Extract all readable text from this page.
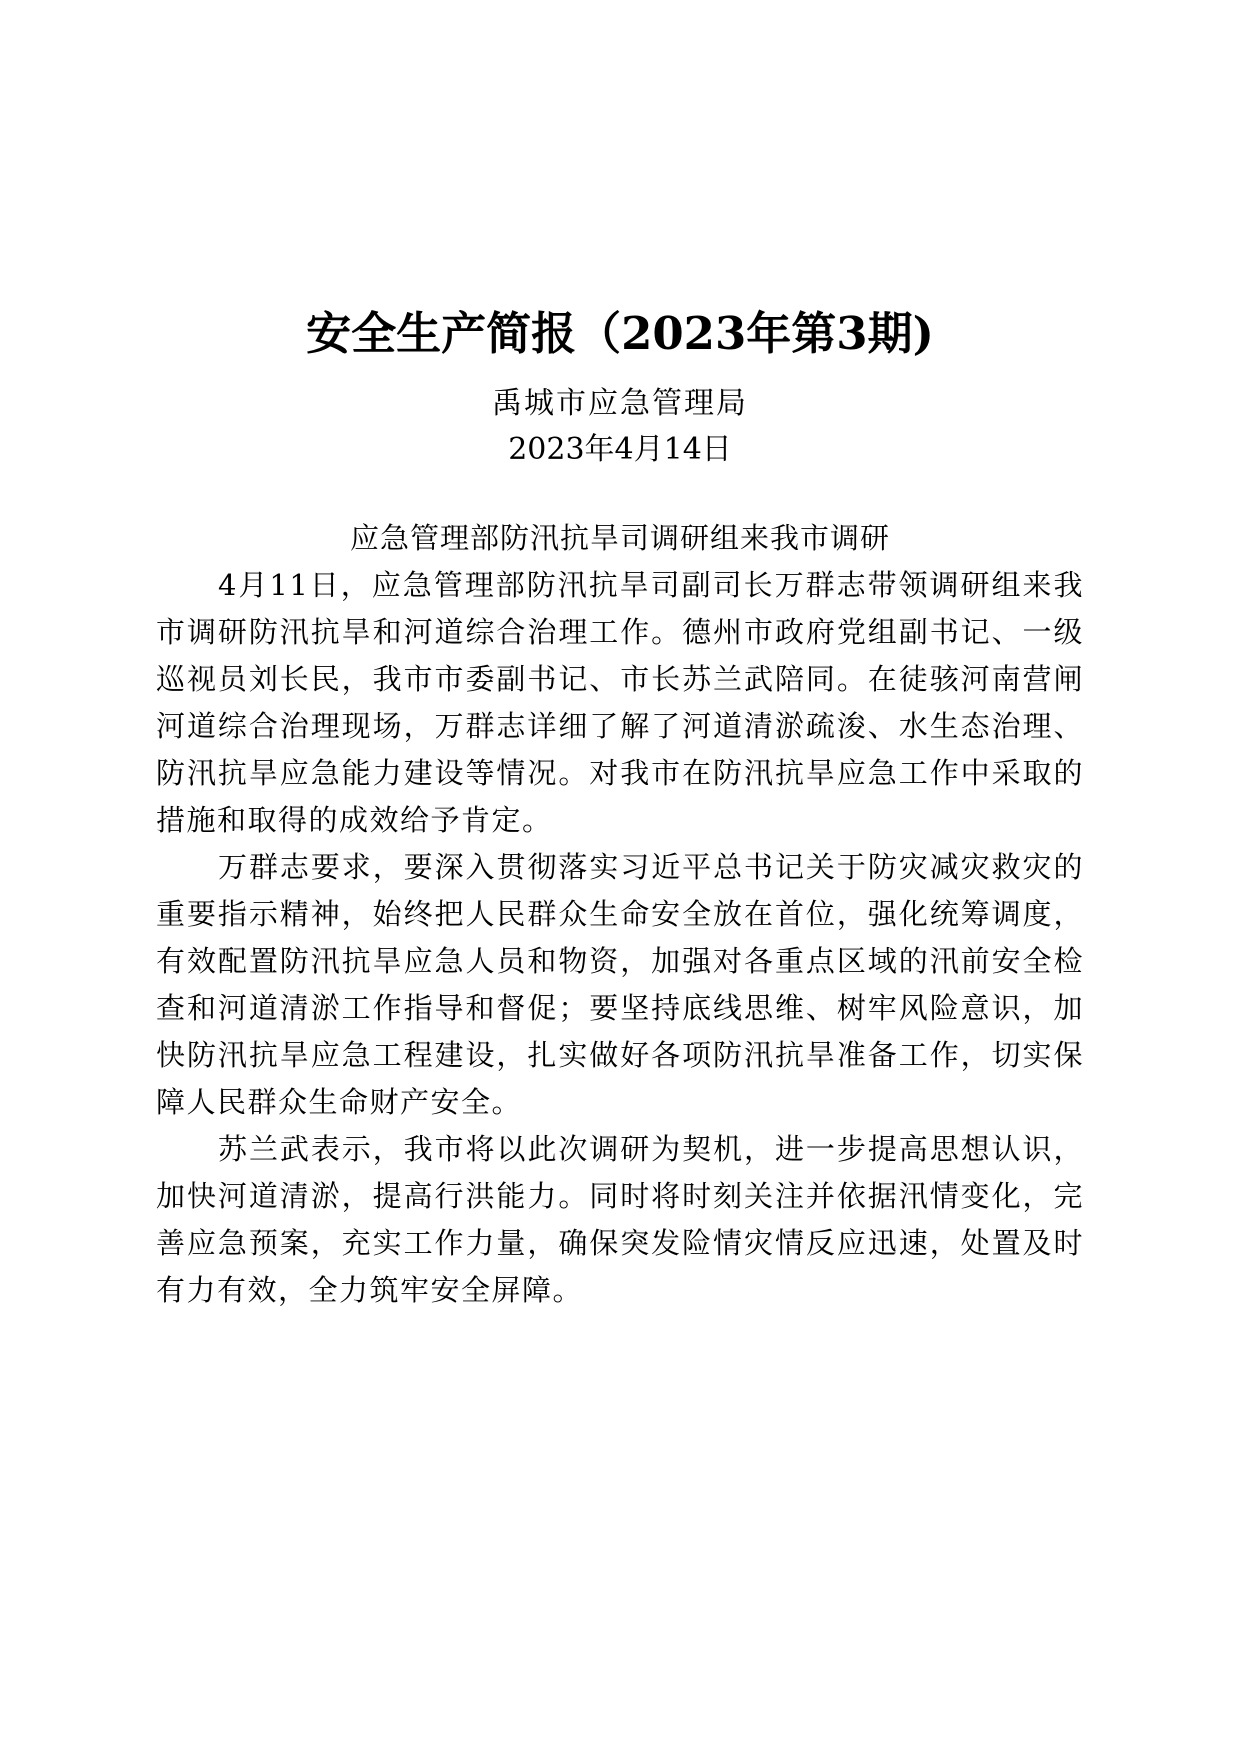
安全生产简报（2023年第3期)
禹城市应急管理局
2023年4月14日
应急管理部防汛抗旱司调研组来我市调研

4月11日，应急管理部防汛抗旱司副司长万群志带领调研组来我市调研防汛抗旱和河道综合治理工作。德州市政府党组副书记、一级巡视员刘长民，我市市委副书记、市长苏兰武陪同。在徒骇河南营闸河道综合治理现场，万群志详细了解了河道清淤疏浚、水生态治理、防汛抗旱应急能力建设等情况。对我市在防汛抗旱应急工作中采取的措施和取得的成效给予肯定。

万群志要求，要深入贯彻落实习近平总书记关于防灾减灾救灾的重要指示精神，始终把人民群众生命安全放在首位，强化统筹调度，有效配置防汛抗旱应急人员和物资，加强对各重点区域的汛前安全检查和河道清淤工作指导和督促；要坚持底线思维、树牢风险意识，加快防汛抗旱应急工程建设，扎实做好各项防汛抗旱准备工作，切实保障人民群众生命财产安全。

苏兰武表示，我市将以此次调研为契机，进一步提高思想认识，加快河道清淤，提高行洪能力。同时将时刻关注并依据汛情变化，完善应急预案，充实工作力量，确保突发险情灾情反应迅速，处置及时有力有效，全力筑牢安全屏障。
